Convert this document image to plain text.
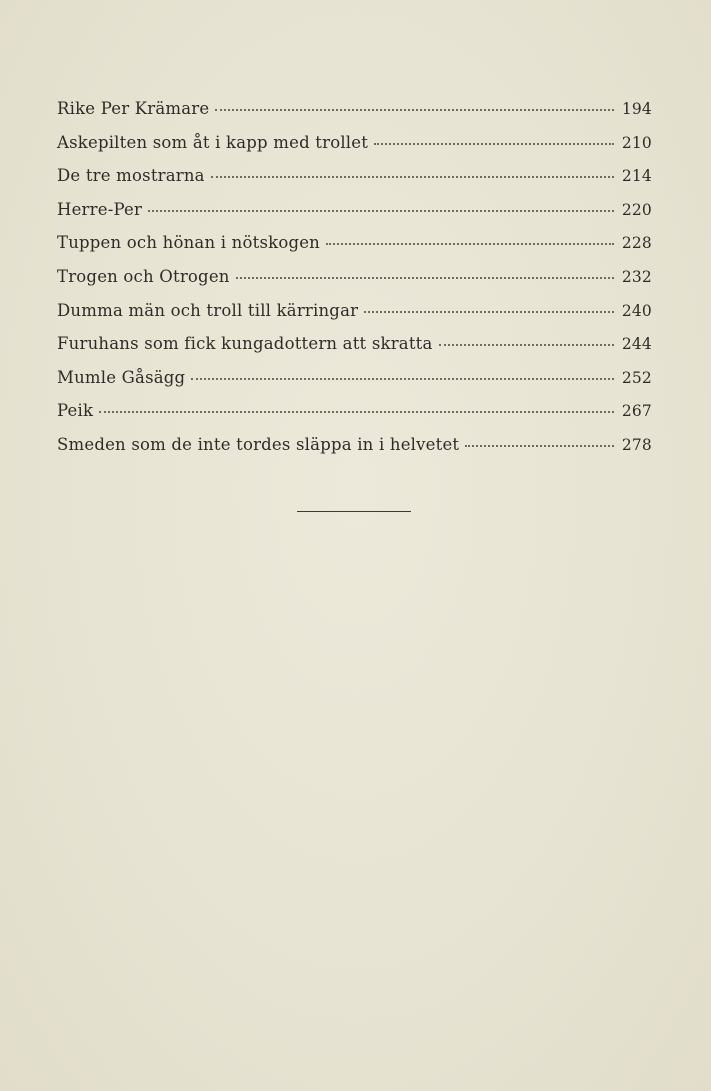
Rike Per Krämare	194
Askepilten som åt i kapp med trollet	210
De tre mostrarna	214
Herre-Per	220
Tuppen och hönan i nötskogen	228
Trogen och Otrogen	232
Dumma män och troll till kärringar	240
Furuhans som fick kungadottern att skratta	244
Mumle Gåsägg	252
Peik	267
Smeden som de inte tordes släppa in i helvetet	278
